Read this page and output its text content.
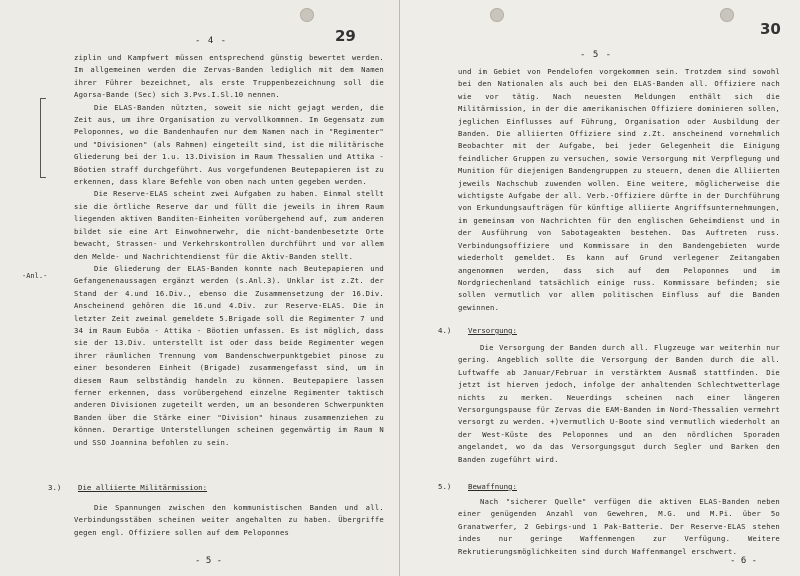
- 4 -	29
-Anl.-

ziplin und Kampfwert müssen entsprechend günstig bewertet werden. Im allgemeinen werden die Zervas-Banden lediglich mit dem Namen ihrer Führer bezeichnet, als erste Truppenbezeichnung soll die Agorsa-Bande (Sec) sich 3.Pvs.I.Sl.10 nennen.

Die ELAS-Banden nützten, soweit sie nicht gejagt werden, die Zeit aus, um ihre Organisation zu vervollkommnen. Im Gegensatz zum Peloponnes, wo die Bandenhaufen nur dem Namen nach in "Regimenter" und "Divisionen" (als Rahmen) eingeteilt sind, ist die militärische Gliederung bei der 1.u. 13.Division im Raum Thessalien und Attika - Böotien straff durchgeführt. Aus vorgefundenen Beutepapieren ist zu erkennen, dass klare Befehle von oben nach unten gegeben werden.

Die Reserve-ELAS scheint zwei Aufgaben zu haben. Einmal stellt sie die örtliche Reserve dar und füllt die jeweils in ihrem Raum liegenden aktiven Banditen-Einheiten vorübergehend auf, zum anderen bildet sie eine Art Einwohnerwehr, die nicht-bandenbesetzte Orte bewacht, Strassen- und Verkehrskontrollen durchführt und vor allem den Melde- und Nachrichtendienst für die Aktiv-Banden stellt.

Die Gliederung der ELAS-Banden konnte nach Beutepapieren und Gefangenenaussagen ergänzt werden (s.Anl.3). Unklar ist z.Zt. der Stand der 4.und 16.Div., ebenso die Zusammensetzung der 16.Div. Anscheinend gehören die 16.und 4.Div. zur Reserve-ELAS. Die in letzter Zeit zweimal gemeldete 5.Brigade soll die Regimenter 7 und 34 im Raum Euböa - Attika - Böotien umfassen. Es ist möglich, dass sie der 13.Div. unterstellt ist oder dass beide Regimenter wegen ihrer räumlichen Trennung vom Bandenschwerpunktgebiet pinose zu einer besonderen Einheit (Brigade) zusammengefasst sind, um in diesem Raum selbständig handeln zu können. Beutepapiere lassen ferner erkennen, dass vorübergehend einzelne Regimenter taktisch anderen Divisionen zugeteilt werden, um an besonderen Schwerpunkten Banden über die Stärke einer "Division" hinaus zusammenziehen zu können. Derartige Unterstellungen scheinen gegenwärtig im Raum N und SSO Joannina befohlen zu sein.

3.) Die alliierte Militärmission:
Die Spannungen zwischen den kommunistischen Banden und all. Verbindungsstäben scheinen weiter angehalten zu haben. Übergriffe gegen engl. Offiziere sollen auf dem Peloponnes
- 5 -
- 5 -
30
und im Gebiet von Pendelofen vorgekommen sein. Trotzdem sind sowohl bei den Nationalen als auch bei den ELAS-Banden all. Offiziere nach wie vor tätig. Nach neuesten Meldungen enthält sich die Militärmission, in der die amerikanischen Offiziere dominieren sollen, jeglichen Einflusses auf Führung, Organisation oder Ausbildung der Banden. Die alliierten Offiziere sind z.Zt. anscheinend vornehmlich Beobachter mit der Aufgabe, bei jeder Gelegenheit die Einigung feindlicher Gruppen zu versuchen, sowie Versorgung mit Verpflegung und Munition für diejenigen Bandengruppen zu steuern, denen die Alliierten jeweils Nachschub zuwenden wollen. Eine weitere, möglicherweise die wichtigste Aufgabe der all. Verb.-Offiziere dürfte in der Durchführung von Erkundungsaufträgen für künftige alliierte Angriffsunternehmungen, im gemeinsam von Nachrichten für den englischen Geheimdienst und in der Ausführung von Sabotageakten bestehen. Das Auftreten russ. Verbindungsoffiziere und Kommissare in den Bandengebieten wurde wiederholt gemeldet. Es kann auf Grund verlegener Zeitangaben angenommen werden, dass sich auf dem Peloponnes und im Nordgriechenland tatsächlich einige russ. Kommissare befinden; sie sollen vermutlich vor allem politischen Einfluss auf die Banden gewinnen.
4.) Versorgung:
Die Versorgung der Banden durch all. Flugzeuge war weiterhin nur gering. Angeblich sollte die Versorgung der Banden durch die all. Luftwaffe ab Januar/Februar in verstärktem Ausmaß stattfinden. Die jetzt ist hierven jedoch, infolge der anhaltenden Schlechtwetterlage nichts zu merken. Neuerdings scheinen nach einer längeren Versorgungspause für Zervas die EAM-Banden im Nord-Thessalien vermehrt versorgt zu werden. +)vermutlich U-Boote sind vermutlich wiederholt an der West-Küste des Peloponnes und an den nördlichen Sporaden angelandet, wo da das Versorgungsgut durch Segler und Barken den Banden zugeführt wird.
5.) Bewaffnung:
Nach "sicherer Quelle" verfügen die aktiven ELAS-Banden neben einer genügenden Anzahl von Gewehren, M.G. und M.Pi. über 5o Granatwerfer, 2 Gebirgs-und 1 Pak-Batterie. Der Reserve-ELAS stehen indes nur geringe Waffenmengen zur Verfügung. Weitere Rekrutierungsmöglichkeiten sind durch Waffenmangel erschwert.
- 6 -
